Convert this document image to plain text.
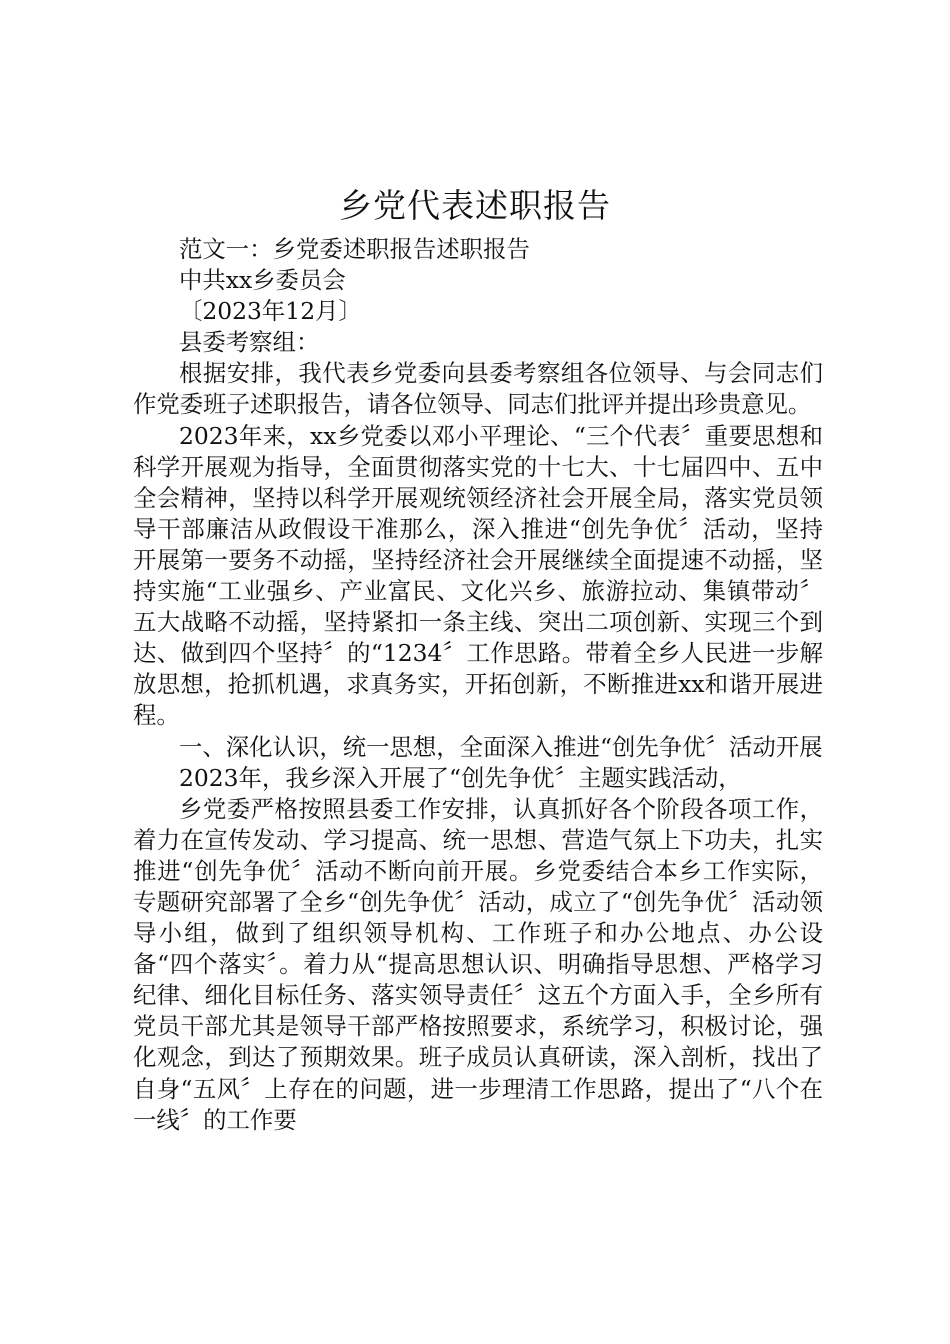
乡党代表述职报告

范文一：乡党委述职报告述职报告

中共xx乡委员会

〔2023年12月〕

县委考察组：

根据安排，我代表乡党委向县委考察组各位领导、与会同志们作党委班子述职报告，请各位领导、同志们批评并提出珍贵意见。

2023年来，xx乡党委以邓小平理论、“三个代表〞重要思想和科学开展观为指导，全面贯彻落实党的十七大、十七届四中、五中全会精神，坚持以科学开展观统领经济社会开展全局，落实党员领导干部廉洁从政假设干准那么，深入推进“创先争优〞活动，坚持开展第一要务不动摇，坚持经济社会开展继续全面提速不动摇，坚持实施“工业强乡、产业富民、文化兴乡、旅游拉动、集镇带动〞五大战略不动摇，坚持紧扣一条主线、突出二项创新、实现三个到达、做到四个坚持〞的“1234〞工作思路。带着全乡人民进一步解放思想，抢抓机遇，求真务实，开拓创新，不断推进xx和谐开展进程。

一、深化认识，统一思想，全面深入推进“创先争优〞活动开展

2023年，我乡深入开展了“创先争优〞主题实践活动，

乡党委严格按照县委工作安排，认真抓好各个阶段各项工作，着力在宣传发动、学习提高、统一思想、营造气氛上下功夫，扎实推进“创先争优〞活动不断向前开展。乡党委结合本乡工作实际，专题研究部署了全乡“创先争优〞活动，成立了“创先争优〞活动领导小组，做到了组织领导机构、工作班子和办公地点、办公设备“四个落实〞。着力从“提高思想认识、明确指导思想、严格学习纪律、细化目标任务、落实领导责任〞这五个方面入手，全乡所有党员干部尤其是领导干部严格按照要求，系统学习，积极讨论，强化观念，到达了预期效果。班子成员认真研读，深入剖析，找出了自身“五风〞上存在的问题，进一步理清工作思路，提出了“八个在一线〞的工作要
